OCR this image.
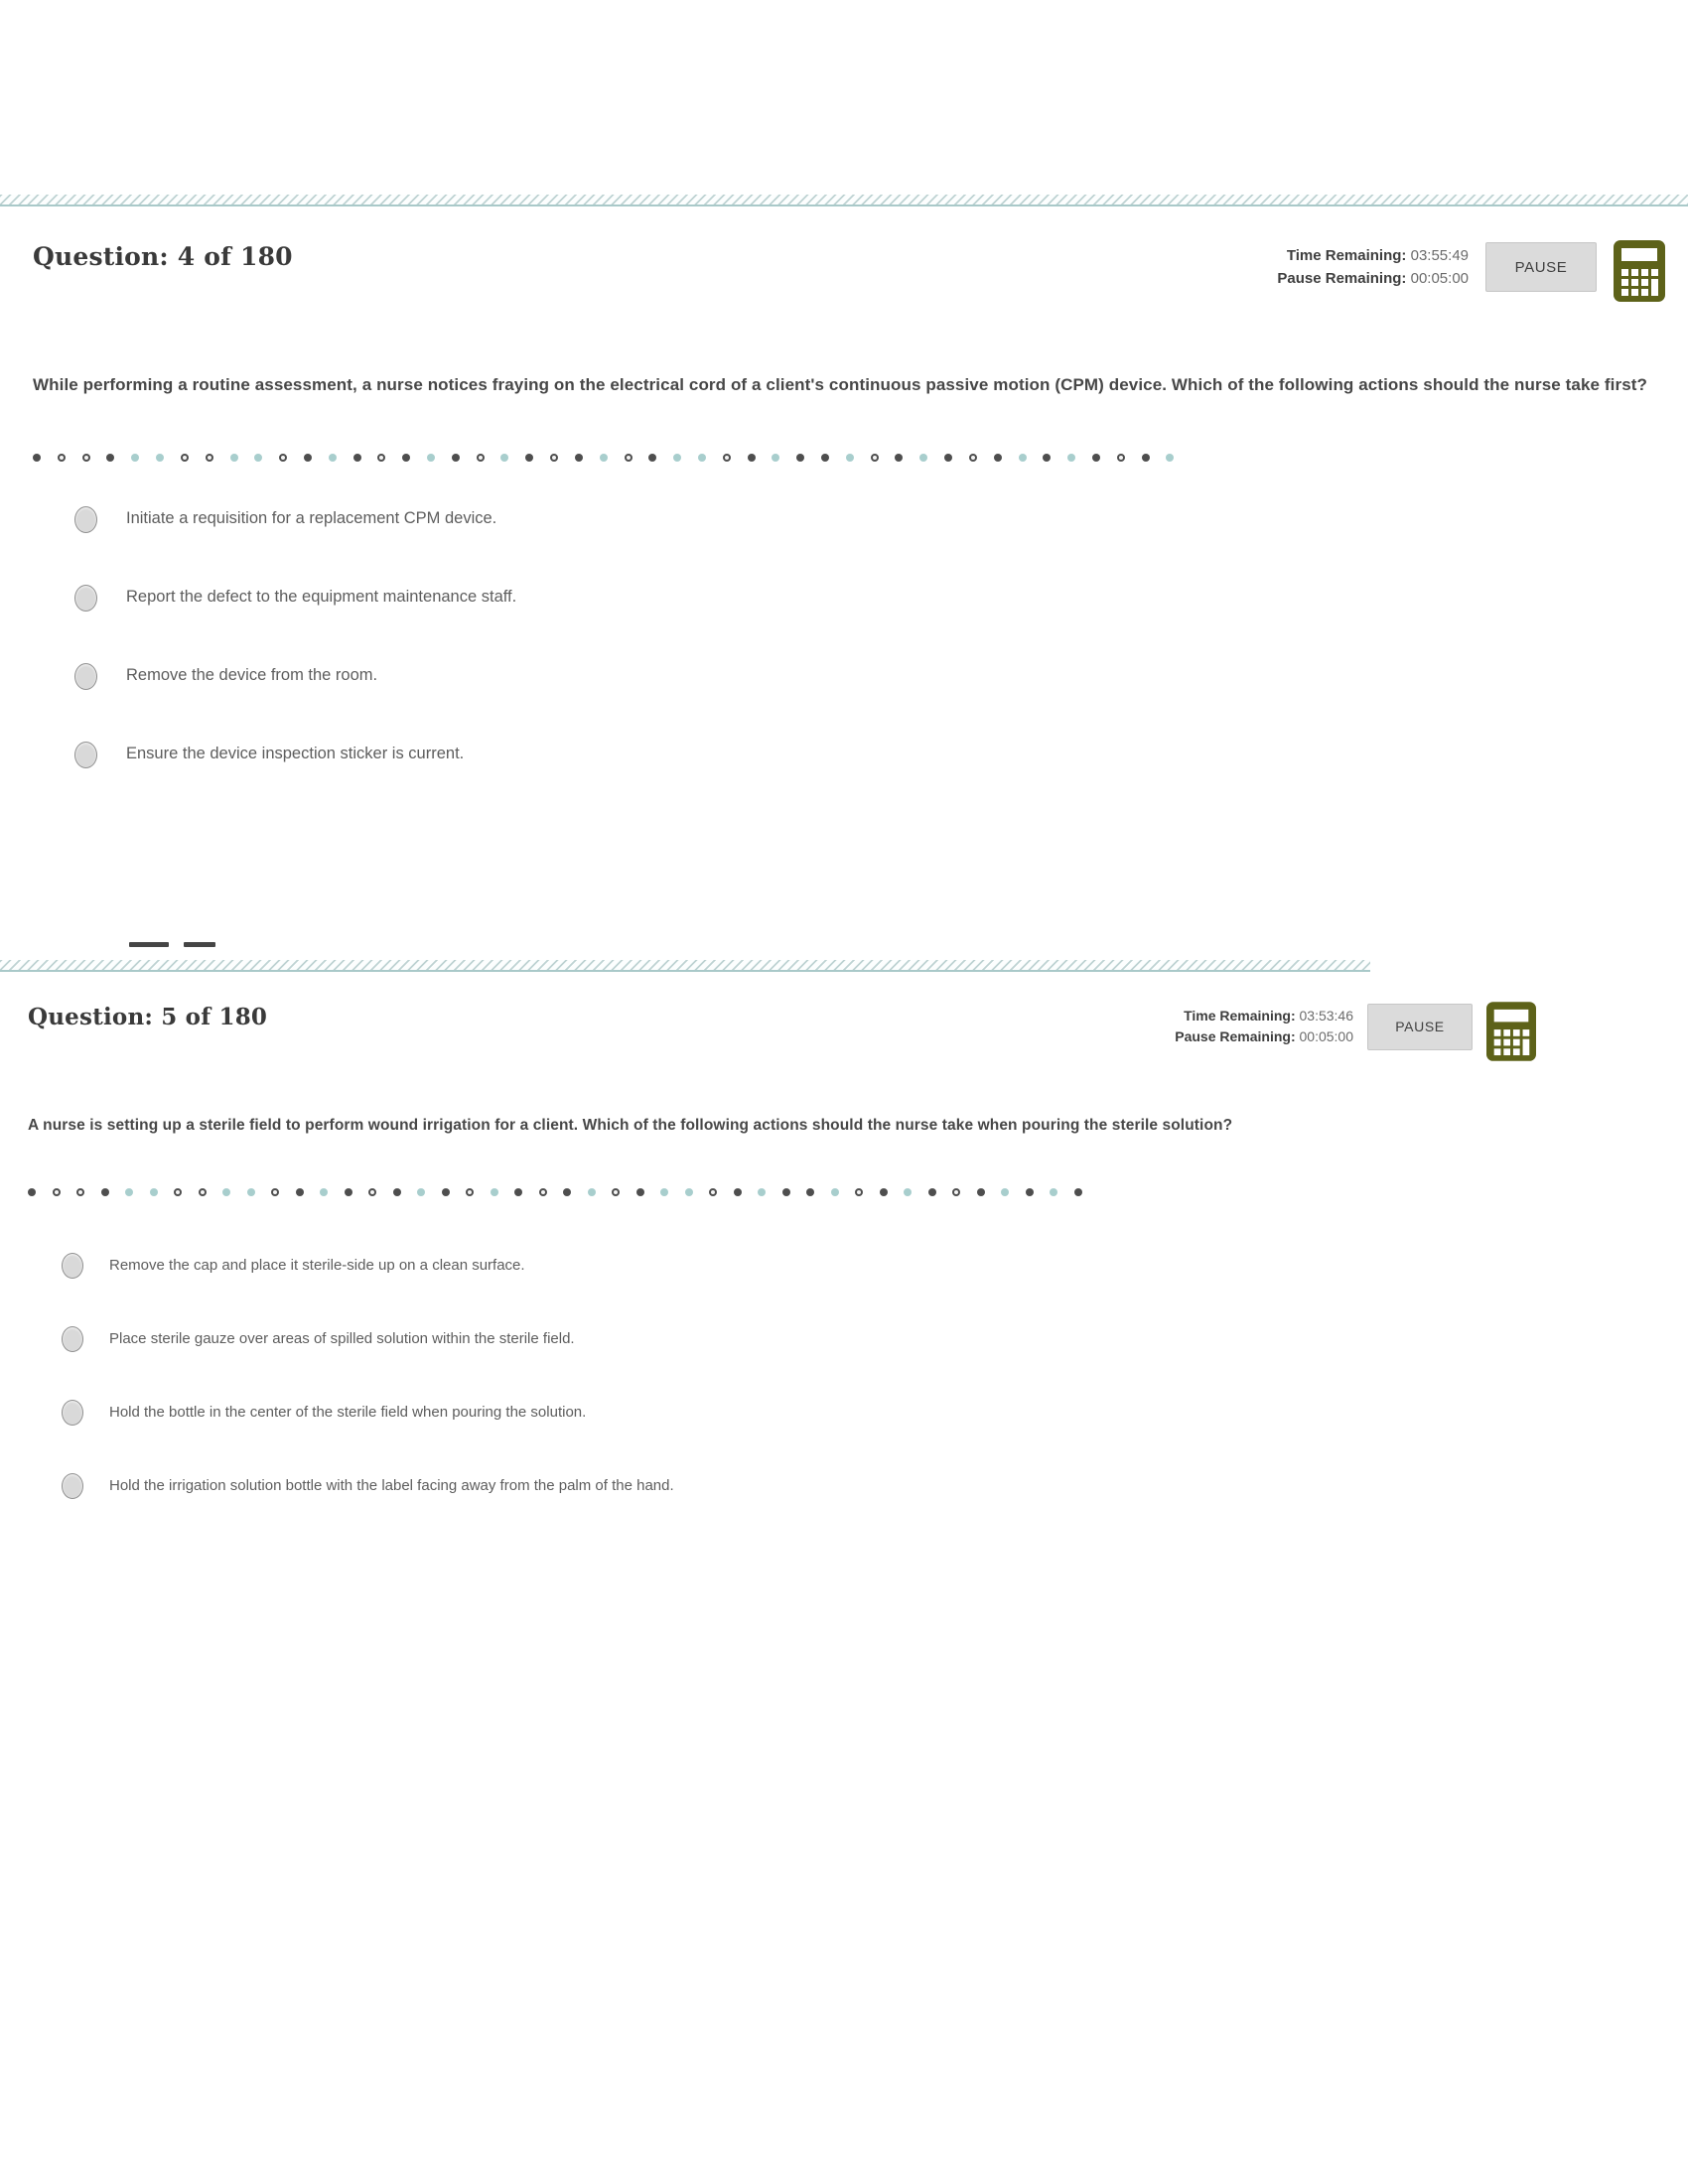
Question: 4 of 180	Time Remaining: 03:55:49
Pause Remaining: 00:05:00
PAUSE

While performing a routine assessment, a nurse notices fraying on the electrical cord of a client's continuous passive motion (CPM) device. Which of the following actions should the nurse take first?

Initiate a requisition for a replacement CPM device.
Report the defect to the equipment maintenance staff.
Remove the device from the room.
Ensure the device inspection sticker is current.
Question: 5 of 180	Time Remaining: 03:53:46
Pause Remaining: 00:05:00
PAUSE

A nurse is setting up a sterile field to perform wound irrigation for a client. Which of the following actions should the nurse take when pouring the sterile solution?

Remove the cap and place it sterile-side up on a clean surface.
Place sterile gauze over areas of spilled solution within the sterile field.
Hold the bottle in the center of the sterile field when pouring the solution.
Hold the irrigation solution bottle with the label facing away from the palm of the hand.
